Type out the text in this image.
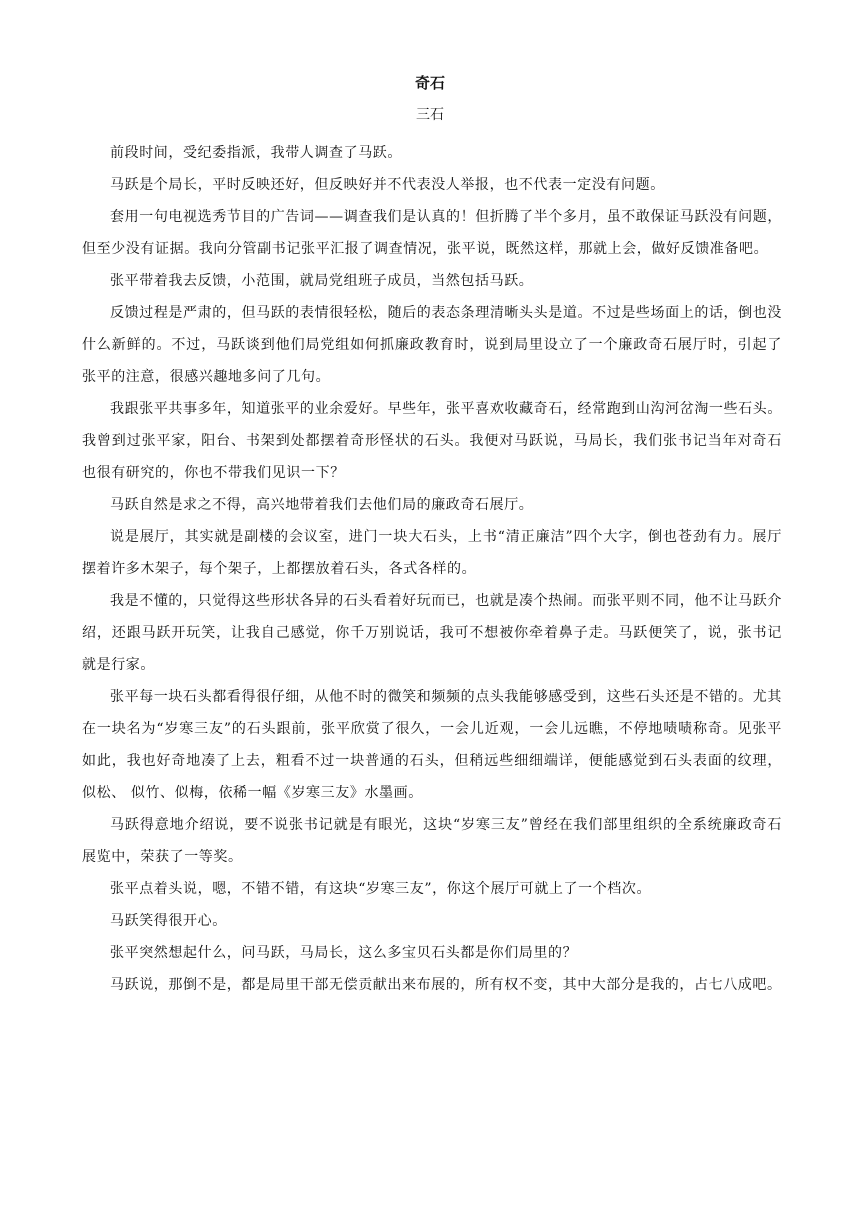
奇石
三石

前段时间，受纪委指派，我带人调查了马跃。

马跃是个局长，平时反映还好，但反映好并不代表没人举报，也不代表一定没有问题。

套用一句电视选秀节目的广告词——调查我们是认真的！但折腾了半个多月，虽不敢保证马跃没有问题，但至少没有证据。我向分管副书记张平汇报了调查情况，张平说，既然这样，那就上会，做好反馈准备吧。

张平带着我去反馈，小范围，就局党组班子成员，当然包括马跃。

反馈过程是严肃的，但马跃的表情很轻松，随后的表态条理清晰头头是道。不过是些场面上的话，倒也没什么新鲜的。不过，马跃谈到他们局党组如何抓廉政教育时，说到局里设立了一个廉政奇石展厅时，引起了张平的注意，很感兴趣地多问了几句。

我跟张平共事多年，知道张平的业余爱好。早些年，张平喜欢收藏奇石，经常跑到山沟河岔淘一些石头。我曾到过张平家，阳台、书架到处都摆着奇形怪状的石头。我便对马跃说，马局长，我们张书记当年对奇石也很有研究的，你也不带我们见识一下？

马跃自然是求之不得，高兴地带着我们去他们局的廉政奇石展厅。

说是展厅，其实就是副楼的会议室，进门一块大石头，上书“清正廉洁”四个大字，倒也苍劲有力。展厅摆着许多木架子，每个架子，上都摆放着石头，各式各样的。

我是不懂的，只觉得这些形状各异的石头看着好玩而已，也就是凑个热闹。而张平则不同，他不让马跃介绍，还跟马跃开玩笑，让我自己感觉，你千万别说话，我可不想被你牵着鼻子走。马跃便笑了，说，张书记就是行家。

张平每一块石头都看得很仔细，从他不时的微笑和频频的点头我能够感受到，这些石头还是不错的。尤其在一块名为“岁寒三友”的石头跟前，张平欣赏了很久，一会儿近观，一会儿远瞧，不停地啧啧称奇。见张平如此，我也好奇地凑了上去，粗看不过一块普通的石头，但稍远些细细端详，便能感觉到石头表面的纹理，似松、 似竹、似梅，依稀一幅《岁寒三友》水墨画。

马跃得意地介绍说，要不说张书记就是有眼光，这块“岁寒三友”曾经在我们部里组织的全系统廉政奇石展览中，荣获了一等奖。

张平点着头说，嗯，不错不错，有这块“岁寒三友”，你这个展厅可就上了一个档次。

马跃笑得很开心。

张平突然想起什么，问马跃，马局长，这么多宝贝石头都是你们局里的？

马跃说，那倒不是，都是局里干部无偿贡献出来布展的，所有权不变，其中大部分是我的，占七八成吧。
